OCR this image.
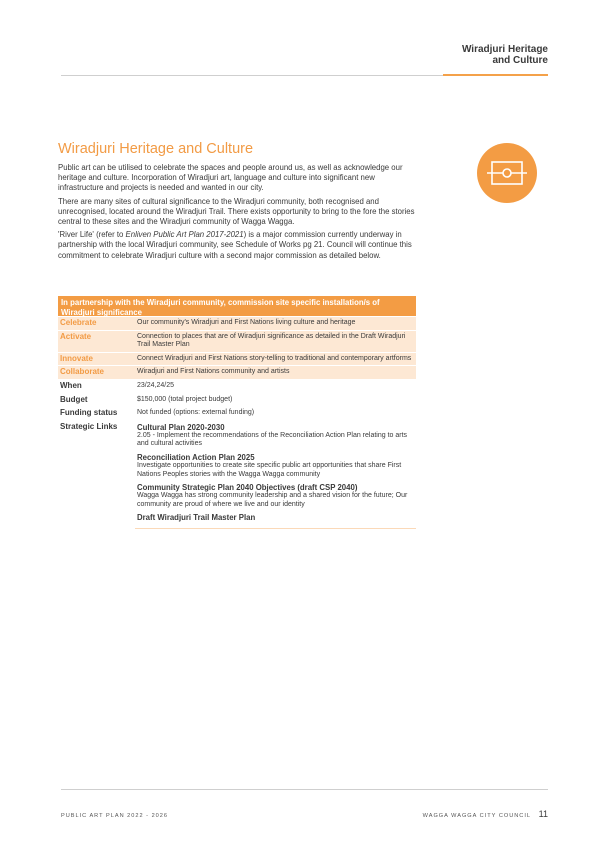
Wiradjuri Heritage
and Culture
Wiradjuri Heritage and Culture

Public art can be utilised to celebrate the spaces and people around us, as well as acknowledge our heritage and culture. Incorporation of Wiradjuri art, language and culture into significant new infrastructure and projects is needed and wanted in our city.

There are many sites of cultural significance to the Wiradjuri community, both recognised and unrecognised, located around the Wiradjuri Trail. There exists opportunity to bring to the fore the stories central to these sites and the Wiradjuri community of Wagga Wagga.

'River Life' (refer to Enliven Public Art Plan 2017-2021) is a major commission currently underway in partnership with the local Wiradjuri community, see Schedule of Works pg 21. Council will continue this commitment to celebrate Wiradjuri culture with a second major commission as detailed below.

In partnership with the Wiradjuri community, commission site specific installation/s of Wiradjuri significance
Celebrate	Our community's Wiradjuri and First Nations living culture and heritage
Activate	Connection to places that are of Wiradjuri significance as detailed in the Draft Wiradjuri Trail Master Plan
Innovate	Connect Wiradjuri and First Nations story-telling to traditional and contemporary artforms
Collaborate	Wiradjuri and First Nations community and artists
When	23/24,24/25
Budget	$150,000 (total project budget)
Funding status	Not funded (options: external funding)
Strategic Links	Cultural Plan 2020-2030
2.05 - Implement the recommendations of the Reconciliation Action Plan relating to arts and cultural activities
Reconciliation Action Plan 2025
Investigate opportunities to create site specific public art opportunities that share First Nations Peoples stories with the Wagga Wagga community
Community Strategic Plan 2040 Objectives (draft CSP 2040)
Wagga Wagga has strong community leadership and a shared vision for the future; Our community are proud of where we live and our identity
Draft Wiradjuri Trail Master Plan
PUBLIC ART PLAN 2022 - 2026	WAGGA WAGGA CITY COUNCIL 11
